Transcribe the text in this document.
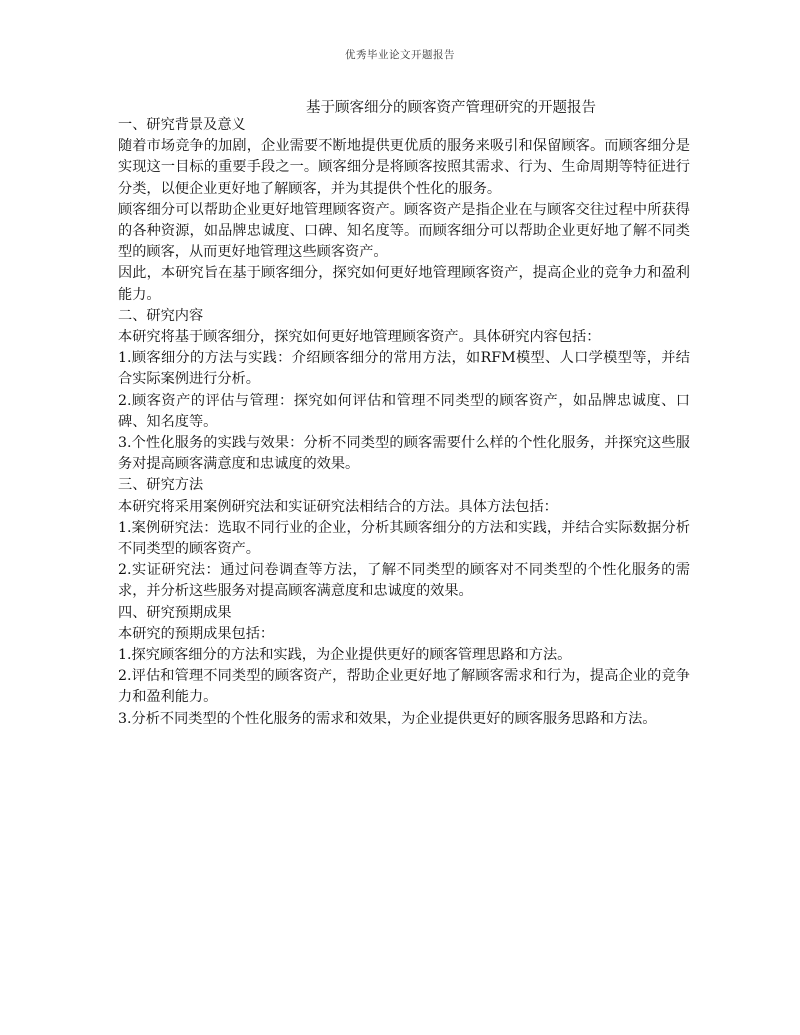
优秀毕业论文开题报告
基于顾客细分的顾客资产管理研究的开题报告

一、研究背景及意义

随着市场竞争的加剧，企业需要不断地提供更优质的服务来吸引和保留顾客。而顾客细分是实现这一目标的重要手段之一。顾客细分是将顾客按照其需求、行为、生命周期等特征进行分类，以便企业更好地了解顾客，并为其提供个性化的服务。

顾客细分可以帮助企业更好地管理顾客资产。顾客资产是指企业在与顾客交往过程中所获得的各种资源，如品牌忠诚度、口碑、知名度等。而顾客细分可以帮助企业更好地了解不同类型的顾客，从而更好地管理这些顾客资产。

因此，本研究旨在基于顾客细分，探究如何更好地管理顾客资产，提高企业的竞争力和盈利能力。

二、研究内容

本研究将基于顾客细分，探究如何更好地管理顾客资产。具体研究内容包括：

1.顾客细分的方法与实践：介绍顾客细分的常用方法，如RFM模型、人口学模型等，并结合实际案例进行分析。

2.顾客资产的评估与管理：探究如何评估和管理不同类型的顾客资产，如品牌忠诚度、口碑、知名度等。

3.个性化服务的实践与效果：分析不同类型的顾客需要什么样的个性化服务，并探究这些服务对提高顾客满意度和忠诚度的效果。

三、研究方法

本研究将采用案例研究法和实证研究法相结合的方法。具体方法包括：

1.案例研究法：选取不同行业的企业，分析其顾客细分的方法和实践，并结合实际数据分析不同类型的顾客资产。

2.实证研究法：通过问卷调查等方法，了解不同类型的顾客对不同类型的个性化服务的需求，并分析这些服务对提高顾客满意度和忠诚度的效果。

四、研究预期成果

本研究的预期成果包括：

1.探究顾客细分的方法和实践，为企业提供更好的顾客管理思路和方法。

2.评估和管理不同类型的顾客资产，帮助企业更好地了解顾客需求和行为，提高企业的竞争力和盈利能力。

3.分析不同类型的个性化服务的需求和效果，为企业提供更好的顾客服务思路和方法。
